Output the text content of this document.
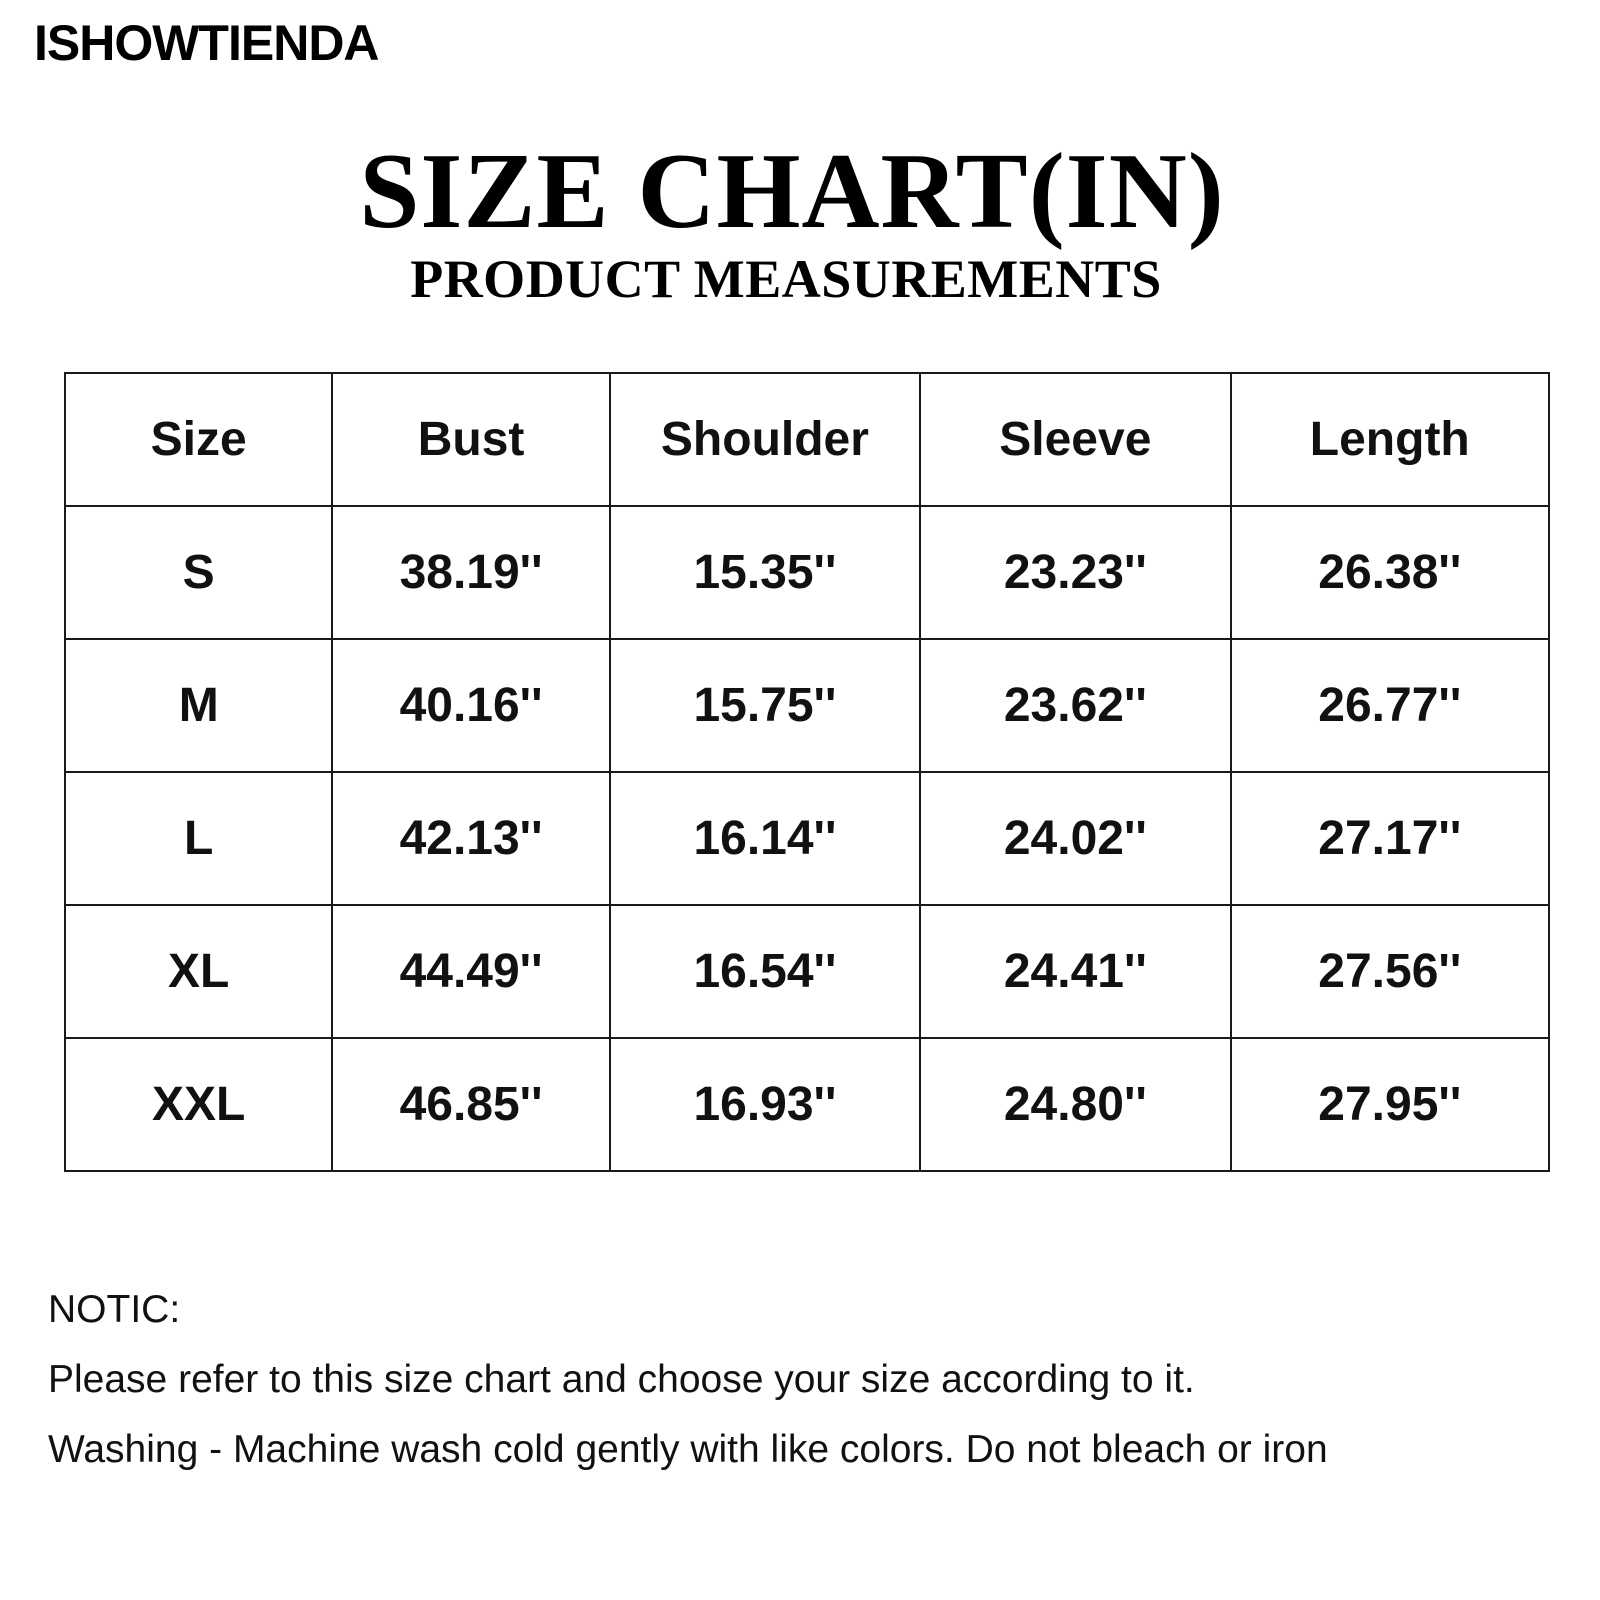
ISHOWTIENDA
SIZE CHART(IN)
PRODUCT MEASUREMENTS
Size	Bust	Shoulder	Sleeve	Length
S	38.19''	15.35''	23.23''	26.38''
M	40.16''	15.75''	23.62''	26.77''
L	42.13''	16.14''	24.02''	27.17''
XL	44.49''	16.54''	24.41''	27.56''
XXL	46.85''	16.93''	24.80''	27.95''
NOTIC:
Please refer to this size chart and choose your size according to it.
Washing - Machine wash cold gently with like colors. Do not bleach or iron
